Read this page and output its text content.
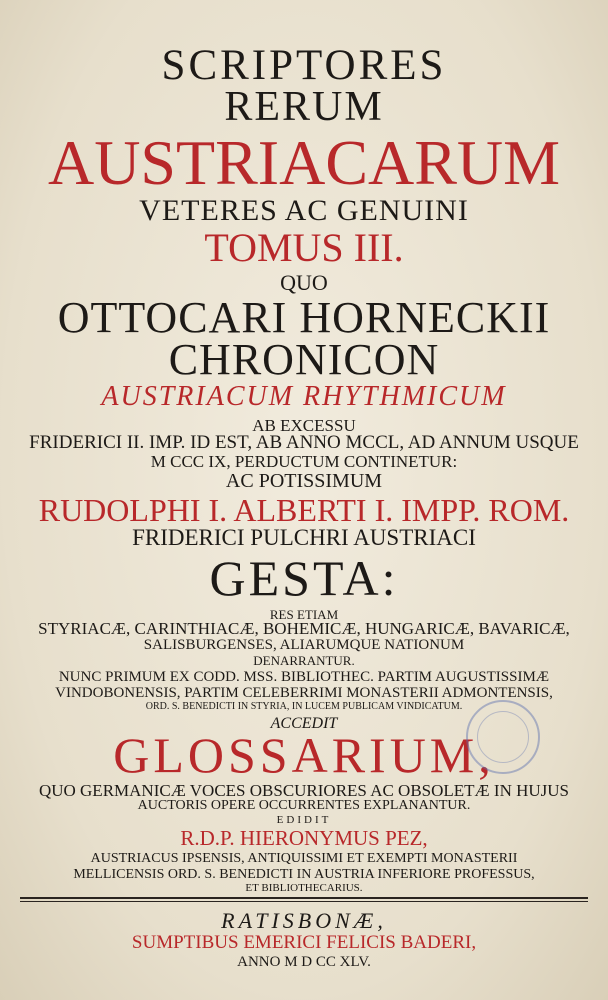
SCRIPTORES
RERUM
AUSTRIACARUM
VETERES AC GENUINI
TOMUS III.
QUO
OTTOCARI HORNECKII
CHRONICON
AUSTRIACUM RHYTHMICUM
AB EXCESSU
FRIDERICI II. IMP. ID EST, AB ANNO MCCL, AD ANNUM USQUE
M CCC IX, PERDUCTUM CONTINETUR:
AC POTISSIMUM
RUDOLPHI I. ALBERTI I. IMPP. ROM.
FRIDERICI PULCHRI AUSTRIACI
GESTA:
RES ETIAM
STYRIACÆ, CARINTHIACÆ, BOHEMICÆ, HUNGARICÆ, BAVARICÆ,
SALISBURGENSES, ALIARUMQUE NATIONUM
DENARRANTUR.
NUNC PRIMUM EX CODD. MSS. BIBLIOTHEC. PARTIM AUGUSTISSIMÆ
VINDOBONENSIS, PARTIM CELEBERRIMI MONASTERII ADMONTENSIS,
ORD. S. BENEDICTI IN STYRIA, IN LUCEM PUBLICAM VINDICATUM.
ACCEDIT
GLOSSARIUM,
QUO GERMANICÆ VOCES OBSCURIORES AC OBSOLETÆ IN HUJUS
AUCTORIS OPERE OCCURRENTES EXPLANANTUR.
EDIDIT
R.D.P. HIERONYMUS PEZ,
AUSTRIACUS IPSENSIS, ANTIQUISSIMI ET EXEMPTI MONASTERII
MELLICENSIS ORD. S. BENEDICTI IN AUSTRIA INFERIORE PROFESSUS,
ET BIBLIOTHECARIUS.
RATISBONÆ,
SUMPTIBUS EMERICI FELICIS BADERI,
ANNO M D CC XLV.
